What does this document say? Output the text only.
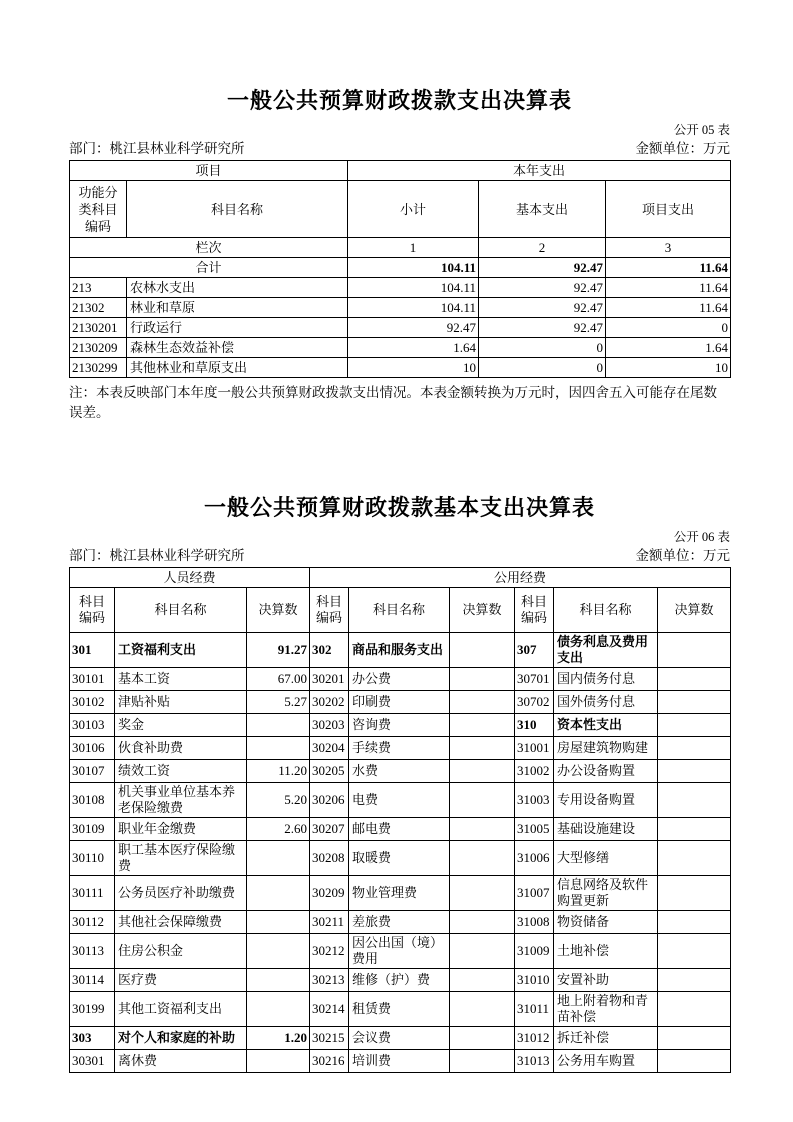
一般公共预算财政拨款支出决算表
公开 05 表
部门：桃江县林业科学研究所	金额单位：万元
项目		本年支出		
功能分类科目编码	科目名称	小计	基本支出	项目支出
栏次		1	2	3
合计		104.11	92.47	11.64
213	农林水支出	104.11	92.47	11.64
21302	林业和草原	104.11	92.47	11.64
2130201	行政运行	92.47	92.47	0
2130209	森林生态效益补偿	1.64	0	1.64
2130299	其他林业和草原支出	10	0	10

注：本表反映部门本年度一般公共预算财政拨款支出情况。本表金额转换为万元时，因四舍五入可能存在尾数误差。

一般公共预算财政拨款基本支出决算表
公开 06 表
部门：桃江县林业科学研究所	金额单位：万元
人员经费			公用经费					
科目编码	科目名称	决算数	科目编码	科目名称	决算数	科目编码	科目名称	决算数
301	工资福利支出	91.27	302	商品和服务支出		307	债务利息及费用支出	
30101	基本工资	67.00	30201	办公费		30701	国内债务付息	
30102	津贴补贴	5.27	30202	印刷费		30702	国外债务付息	
30103	奖金		30203	咨询费		310	资本性支出	
30106	伙食补助费		30204	手续费		31001	房屋建筑物购建	
30107	绩效工资	11.20	30205	水费		31002	办公设备购置	
30108	机关事业单位基本养老保险缴费	5.20	30206	电费		31003	专用设备购置	
30109	职业年金缴费	2.60	30207	邮电费		31005	基础设施建设	
30110	职工基本医疗保险缴费		30208	取暖费		31006	大型修缮	
30111	公务员医疗补助缴费		30209	物业管理费		31007	信息网络及软件购置更新	
30112	其他社会保障缴费		30211	差旅费		31008	物资储备	
30113	住房公积金		30212	因公出国（境）费用		31009	土地补偿	
30114	医疗费		30213	维修（护）费		31010	安置补助	
30199	其他工资福利支出		30214	租赁费		31011	地上附着物和青苗补偿	
303	对个人和家庭的补助	1.20	30215	会议费		31012	拆迁补偿	
30301	离休费		30216	培训费		31013	公务用车购置	
